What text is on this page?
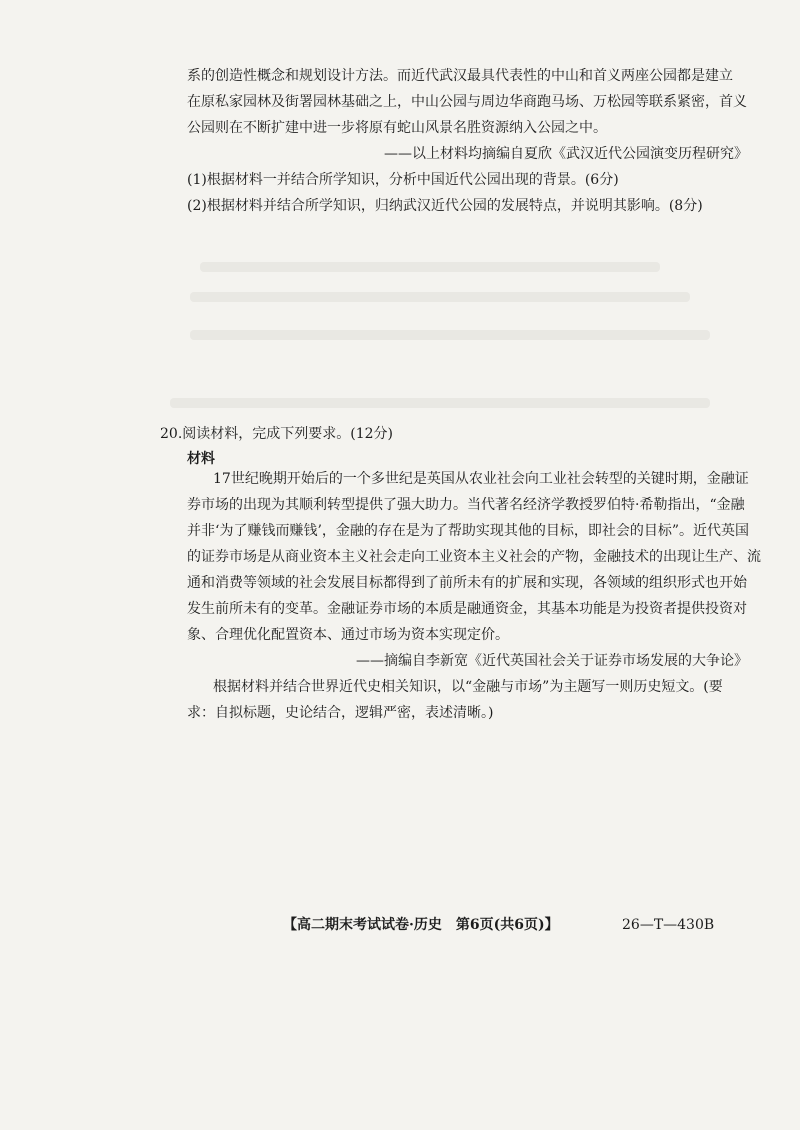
系的创造性概念和规划设计方法。而近代武汉最具代表性的中山和首义两座公园都是建立
在原私家园林及街署园林基础之上，中山公园与周边华商跑马场、万松园等联系紧密，首义
公园则在不断扩建中进一步将原有蛇山风景名胜资源纳入公园之中。
——以上材料均摘编自夏欣《武汉近代公园演变历程研究》
(1)根据材料一并结合所学知识，分析中国近代公园出现的背景。(6分)
(2)根据材料并结合所学知识，归纳武汉近代公园的发展特点，并说明其影响。(8分)
20.阅读材料，完成下列要求。(12分)
材料
17世纪晚期开始后的一个多世纪是英国从农业社会向工业社会转型的关键时期，金融证
券市场的出现为其顺利转型提供了强大助力。当代著名经济学教授罗伯特·希勒指出，“金融
并非‘为了赚钱而赚钱’，金融的存在是为了帮助实现其他的目标，即社会的目标”。近代英国
的证券市场是从商业资本主义社会走向工业资本主义社会的产物，金融技术的出现让生产、流
通和消费等领域的社会发展目标都得到了前所未有的扩展和实现，各领域的组织形式也开始
发生前所未有的变革。金融证券市场的本质是融通资金，其基本功能是为投资者提供投资对
象、合理优化配置资本、通过市场为资本实现定价。
——摘编自李新宽《近代英国社会关于证券市场发展的大争论》
根据材料并结合世界近代史相关知识，以“金融与市场”为主题写一则历史短文。(要
求：自拟标题，史论结合，逻辑严密，表述清晰。)
【高二期末考试试卷·历史　第6页(共6页)】	26—T—430B
